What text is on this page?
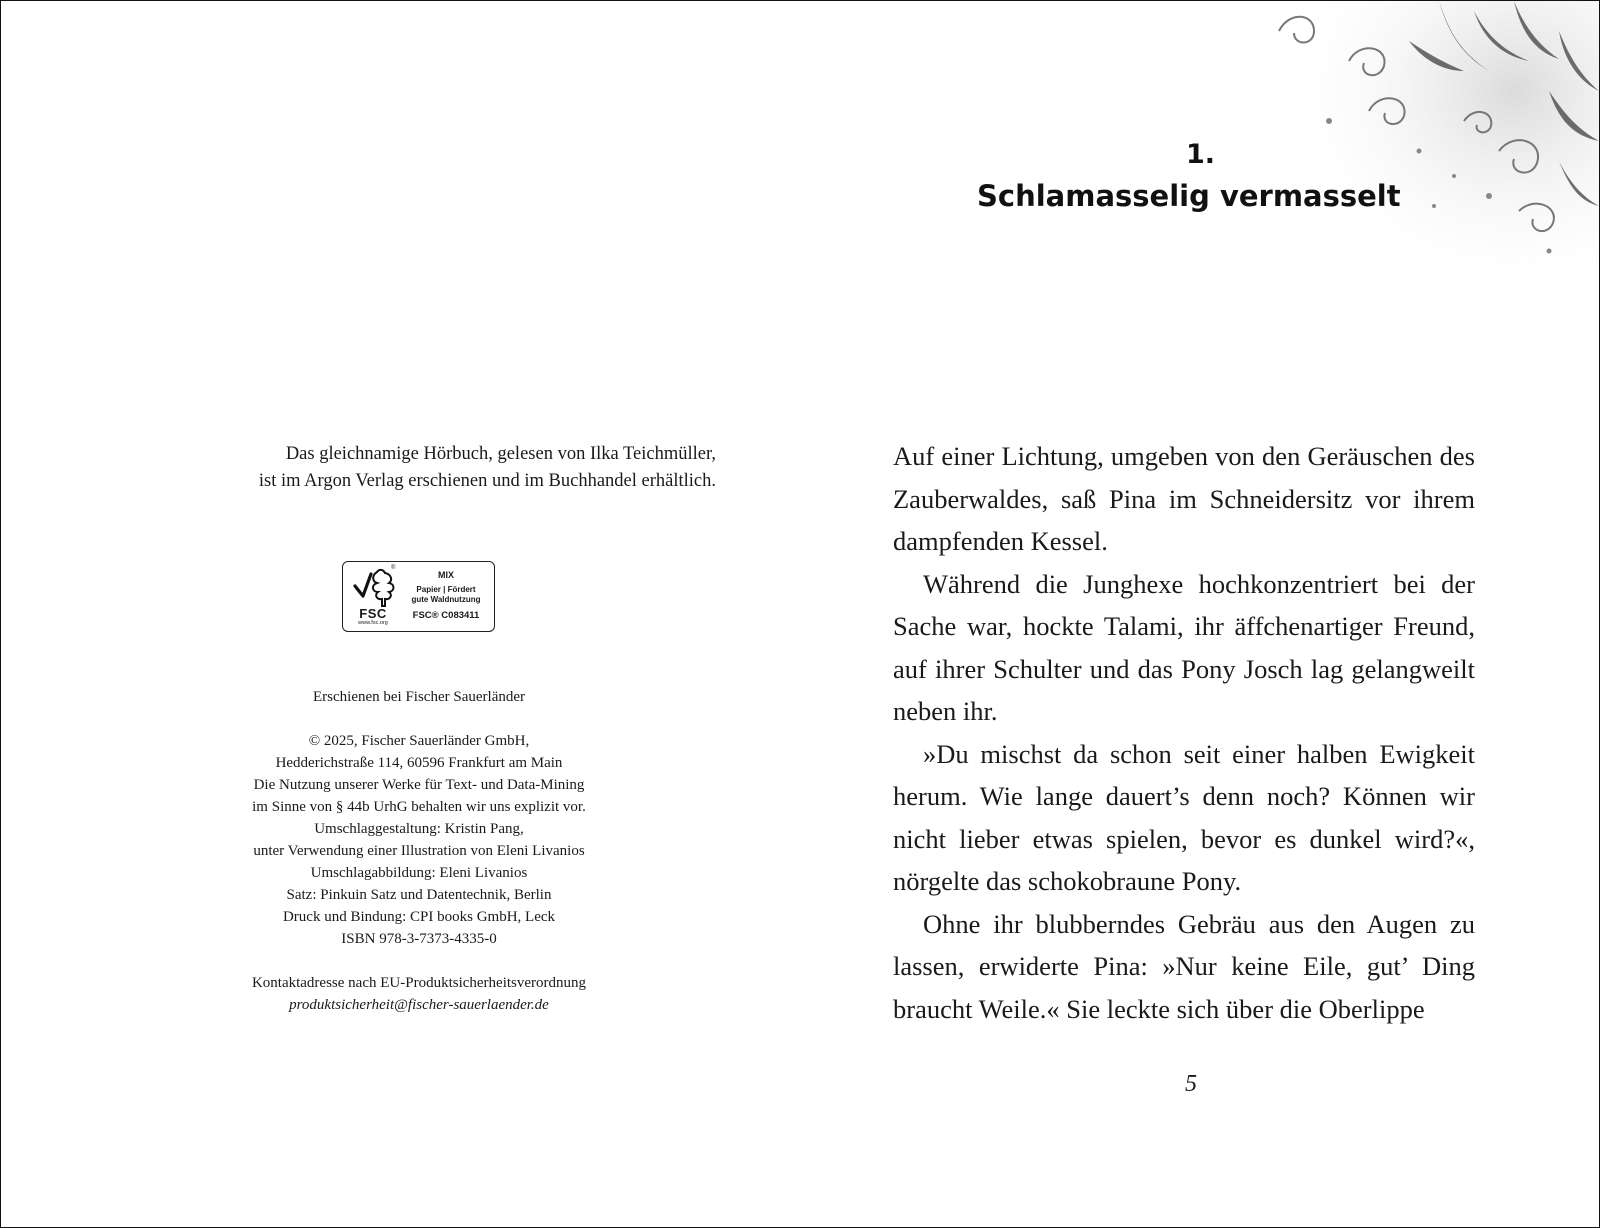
Das gleichnamige Hörbuch, gelesen von Ilka Teichmüller,
ist im Argon Verlag erschienen und im Buchhandel erhältlich.
®
FSC
www.fsc.org
MIX
Papier | Fördert
gute Waldnutzung
FSC® C083411
Erschienen bei Fischer Sauerländer
© 2025, Fischer Sauerländer GmbH,
Hedderichstraße 114, 60596 Frankfurt am Main
Die Nutzung unserer Werke für Text- und Data-Mining
im Sinne von § 44b UrhG behalten wir uns explizit vor.
Umschlaggestaltung: Kristin Pang,
unter Verwendung einer Illustration von Eleni Livanios
Umschlagabbildung: Eleni Livanios
Satz: Pinkuin Satz und Datentechnik, Berlin
Druck und Bindung: CPI books GmbH, Leck
ISBN 978-3-7373-4335-0
Kontaktadresse nach EU-Produktsicherheitsverordnung
produktsicherheit@fischer-sauerlaender.de
1.
Schlamasselig vermasselt

Auf einer Lichtung, umgeben von den Geräuschen des Zauberwaldes, saß Pina im Schneidersitz vor ihrem dampfenden Kessel.

Während die Junghexe hochkonzentriert bei der Sache war, hockte Talami, ihr äffchenartiger Freund, auf ihrer Schulter und das Pony Josch lag gelangweilt neben ihr.

»Du mischst da schon seit einer halben Ewigkeit herum. Wie lange dauert’s denn noch? Können wir nicht lieber etwas spielen, bevor es dunkel wird?«, nörgelte das schokobraune Pony.

Ohne ihr blubberndes Gebräu aus den Augen zu lassen, erwiderte Pina: »Nur keine Eile, gut’ Ding braucht Weile.« Sie leckte sich über die Oberlippe

5
